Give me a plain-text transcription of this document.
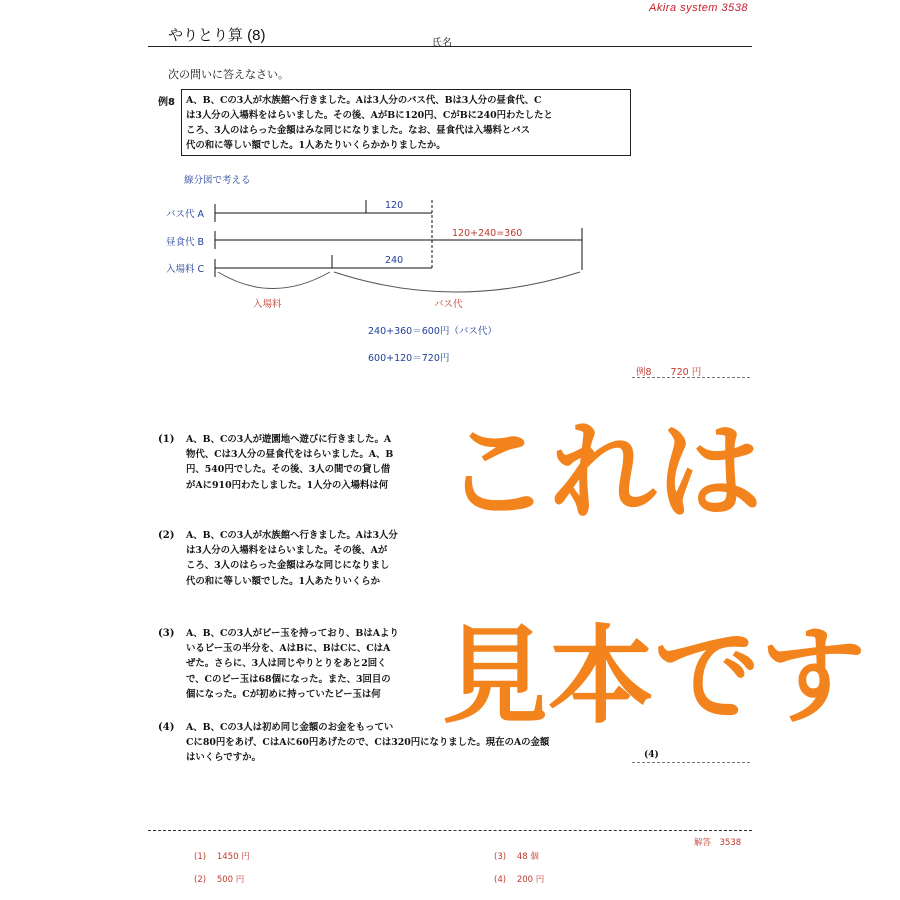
Akira system 3538
やりとり算 (8)	氏名
次の問いに答えなさい。
例8 A、B、Cの3人が水族館へ行きました。Aは3人分のバス代、Bは3人分の昼食代、C
は3人分の入場料をはらいました。その後、AがBに120円、CがBに240円わたしたと
ころ、3人のはらった金額はみな同じになりました。なお、昼食代は入場料とバス
代の和に等しい額でした。1人あたりいくらかかりましたか。
線分図で考える
バス代 A
昼食代 B
入場料 C
120
120+240=360
240
入場料	バス代
240+360＝600円（バス代）
600+120＝720円
例8　　720 円
(1) A、B、Cの3人が遊園地へ遊びに行きました。A
物代、Cは3人分の昼食代をはらいました。A、B
円、540円でした。その後、3人の間での貸し借
がAに910円わたしました。1人分の入場料は何
(2) A、B、Cの3人が水族館へ行きました。Aは3人分
は3人分の入場料をはらいました。その後、Aが
ころ、3人のはらった金額はみな同じになりまし
代の和に等しい額でした。1人あたりいくらか
(3) A、B、Cの3人がビー玉を持っており、BはAより
いるビー玉の半分を、AはBに、BはCに、CはA
ぜた。さらに、3人は同じやりとりをあと2回く
で、Cのビー玉は68個になった。また、3回目の
個になった。Cが初めに持っていたビー玉は何
(4) A、B、Cの3人は初め同じ金額のお金をもってい
Cに80円をあげ、CはAに60円あげたので、Cは320円になりました。現在のAの金額
はいくらですか。	(4)
これは
見本です
解答　3538
(1) 1450 円
(2) 500 円
(3) 48 個
(4) 200 円
